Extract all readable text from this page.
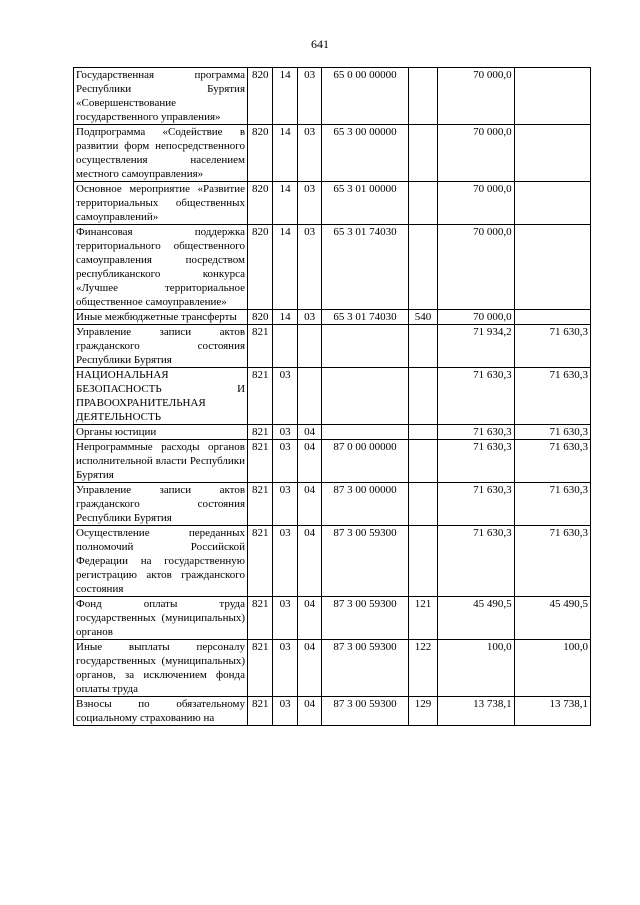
641
Государственная программа Республики Бурятия «Совершенствование государственного управления»	820	14	03	65 0 00 00000		70 000,0	
Подпрограмма «Содействие в развитии форм непосредственного осуществления населением местного самоуправления»	820	14	03	65 3 00 00000		70 000,0	
Основное мероприятие «Развитие территориальных общественных самоуправлений»	820	14	03	65 3 01 00000		70 000,0	
Финансовая поддержка территориального общественного самоуправления посредством республиканского конкурса «Лучшее территориальное общественное самоуправление»	820	14	03	65 3 01 74030		70 000,0	
Иные межбюджетные трансферты	820	14	03	65 3 01 74030	540	70 000,0	
Управление записи актов гражданского состояния Республики Бурятия	821					71 934,2	71 630,3
НАЦИОНАЛЬНАЯ БЕЗОПАСНОСТЬ И ПРАВООХРАНИТЕЛЬНАЯ ДЕЯТЕЛЬНОСТЬ	821	03				71 630,3	71 630,3
Органы юстиции	821	03	04			71 630,3	71 630,3
Непрограммные расходы органов исполнительной власти Республики Бурятия	821	03	04	87 0 00 00000		71 630,3	71 630,3
Управление записи актов гражданского состояния Республики Бурятия	821	03	04	87 3 00 00000		71 630,3	71 630,3
Осуществление переданных полномочий Российской Федерации на государственную регистрацию актов гражданского состояния	821	03	04	87 3 00 59300		71 630,3	71 630,3
Фонд оплаты труда государственных (муниципальных) органов	821	03	04	87 3 00 59300	121	45 490,5	45 490,5
Иные выплаты персоналу государственных (муниципальных) органов, за исключением фонда оплаты труда	821	03	04	87 3 00 59300	122	100,0	100,0
Взносы по обязательному социальному страхованию на	821	03	04	87 3 00 59300	129	13 738,1	13 738,1
